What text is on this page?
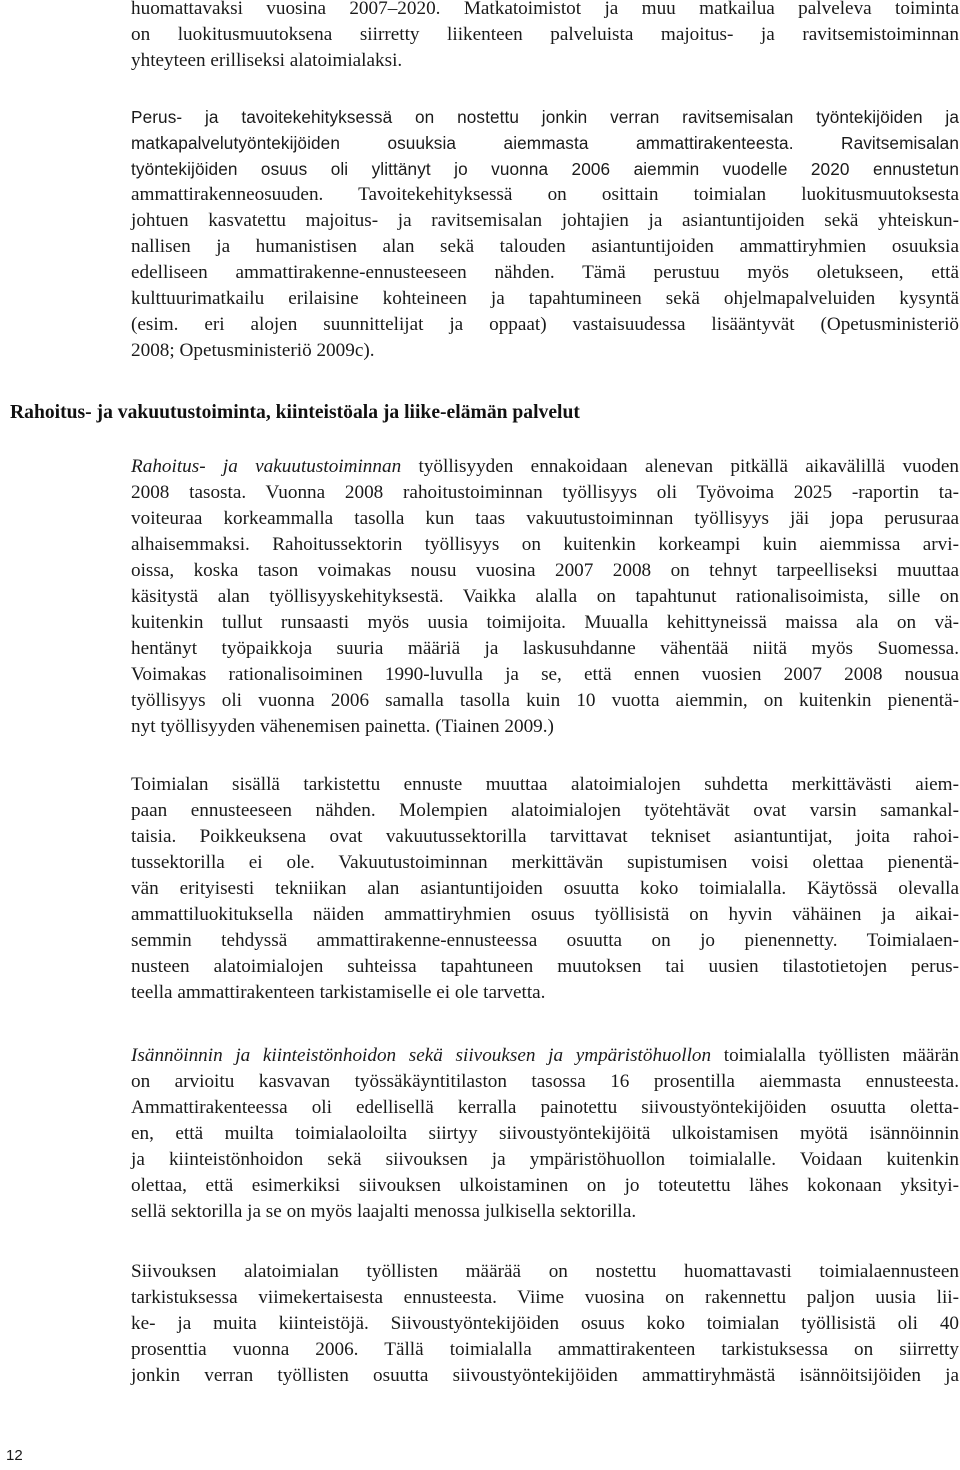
huomattavaksi vuosina 2007–2020. Matkatoimistot ja muu matkailua palveleva toiminta
on luokitusmuutoksena siirretty liikenteen palveluista majoitus- ja ravitsemistoiminnan
yhteyteen erilliseksi alatoimialaksi.
Perus- ja tavoitekehityksessä on nostettu jonkin verran ravitsemisalan työntekijöiden ja
matkapalvelutyöntekijöiden osuuksia aiemmasta ammattirakenteesta. Ravitsemisalan
työntekijöiden osuus oli ylittänyt jo vuonna 2006 aiemmin vuodelle 2020 ennustetun
ammattirakenneosuuden. Tavoitekehityksessä on osittain toimialan luokitusmuutoksesta
johtuen kasvatettu majoitus- ja ravitsemisalan johtajien ja asiantuntijoiden sekä yhteiskun-
nallisen ja humanistisen alan sekä talouden asiantuntijoiden ammattiryhmien osuuksia
edelliseen ammattirakenne-ennusteeseen nähden. Tämä perustuu myös oletukseen, että
kulttuurimatkailu erilaisine kohteineen ja tapahtumineen sekä ohjelmapalveluiden kysyntä
(esim. eri alojen suunnittelijat ja oppaat) vastaisuudessa lisääntyvät (Opetusministeriö
2008; Opetusministeriö 2009c).
Rahoitus- ja vakuutustoiminta, kiinteistöala ja liike-elämän palvelut
Rahoitus- ja vakuutustoiminnan työllisyyden ennakoidaan alenevan pitkällä aikavälillä vuoden
2008 tasosta. Vuonna 2008 rahoitustoiminnan työllisyys oli Työvoima 2025 -raportin ta-
voiteuraa korkeammalla tasolla kun taas vakuutustoiminnan työllisyys jäi jopa perusuraa
alhaisemmaksi. Rahoitussektorin työllisyys on kuitenkin korkeampi kuin aiemmissa arvi-
oissa, koska tason voimakas nousu vuosina 2007 2008 on tehnyt tarpeelliseksi muuttaa
käsitystä alan työllisyyskehityksestä. Vaikka alalla on tapahtunut rationalisoimista, sille on
kuitenkin tullut runsaasti myös uusia toimijoita. Muualla kehittyneissä maissa ala on vä-
hentänyt työpaikkoja suuria määriä ja laskusuhdanne vähentää niitä myös Suomessa.
Voimakas rationalisoiminen 1990-luvulla ja se, että ennen vuosien 2007 2008 nousua
työllisyys oli vuonna 2006 samalla tasolla kuin 10 vuotta aiemmin, on kuitenkin pienentä-
nyt työllisyyden vähenemisen painetta. (Tiainen 2009.)
Toimialan sisällä tarkistettu ennuste muuttaa alatoimialojen suhdetta merkittävästi aiem-
paan ennusteeseen nähden. Molempien alatoimialojen työtehtävät ovat varsin samankal-
taisia. Poikkeuksena ovat vakuutussektorilla tarvittavat tekniset asiantuntijat, joita rahoi-
tussektorilla ei ole. Vakuutustoiminnan merkittävän supistumisen voisi olettaa pienentä-
vän erityisesti tekniikan alan asiantuntijoiden osuutta koko toimialalla. Käytössä olevalla
ammattiluokituksella näiden ammattiryhmien osuus työllisistä on hyvin vähäinen ja aikai-
semmin tehdyssä ammattirakenne-ennusteessa osuutta on jo pienennetty. Toimialaen-
nusteen alatoimialojen suhteissa tapahtuneen muutoksen tai uusien tilastotietojen perus-
teella ammattirakenteen tarkistamiselle ei ole tarvetta.
Isännöinnin ja kiinteistönhoidon sekä siivouksen ja ympäristöhuollon toimialalla työllisten määrän
on arvioitu kasvavan työssäkäyntitilaston tasossa 16 prosentilla aiemmasta ennusteesta.
Ammattirakenteessa oli edellisellä kerralla painotettu siivoustyöntekijöiden osuutta oletta-
en, että muilta toimialaoloilta siirtyy siivoustyöntekijöitä ulkoistamisen myötä isännöinnin
ja kiinteistönhoidon sekä siivouksen ja ympäristöhuollon toimialalle. Voidaan kuitenkin
olettaa, että esimerkiksi siivouksen ulkoistaminen on jo toteutettu lähes kokonaan yksityi-
sellä sektorilla ja se on myös laajalti menossa julkisella sektorilla.
Siivouksen alatoimialan työllisten määrää on nostettu huomattavasti toimialaennusteen
tarkistuksessa viimekertaisesta ennusteesta. Viime vuosina on rakennettu paljon uusia lii-
ke- ja muita kiinteistöjä. Siivoustyöntekijöiden osuus koko toimialan työllisistä oli 40
prosenttia vuonna 2006. Tällä toimialalla ammattirakenteen tarkistuksessa on siirretty
jonkin verran työllisten osuutta siivoustyöntekijöiden ammattiryhmästä isännöitsijöiden ja
12
